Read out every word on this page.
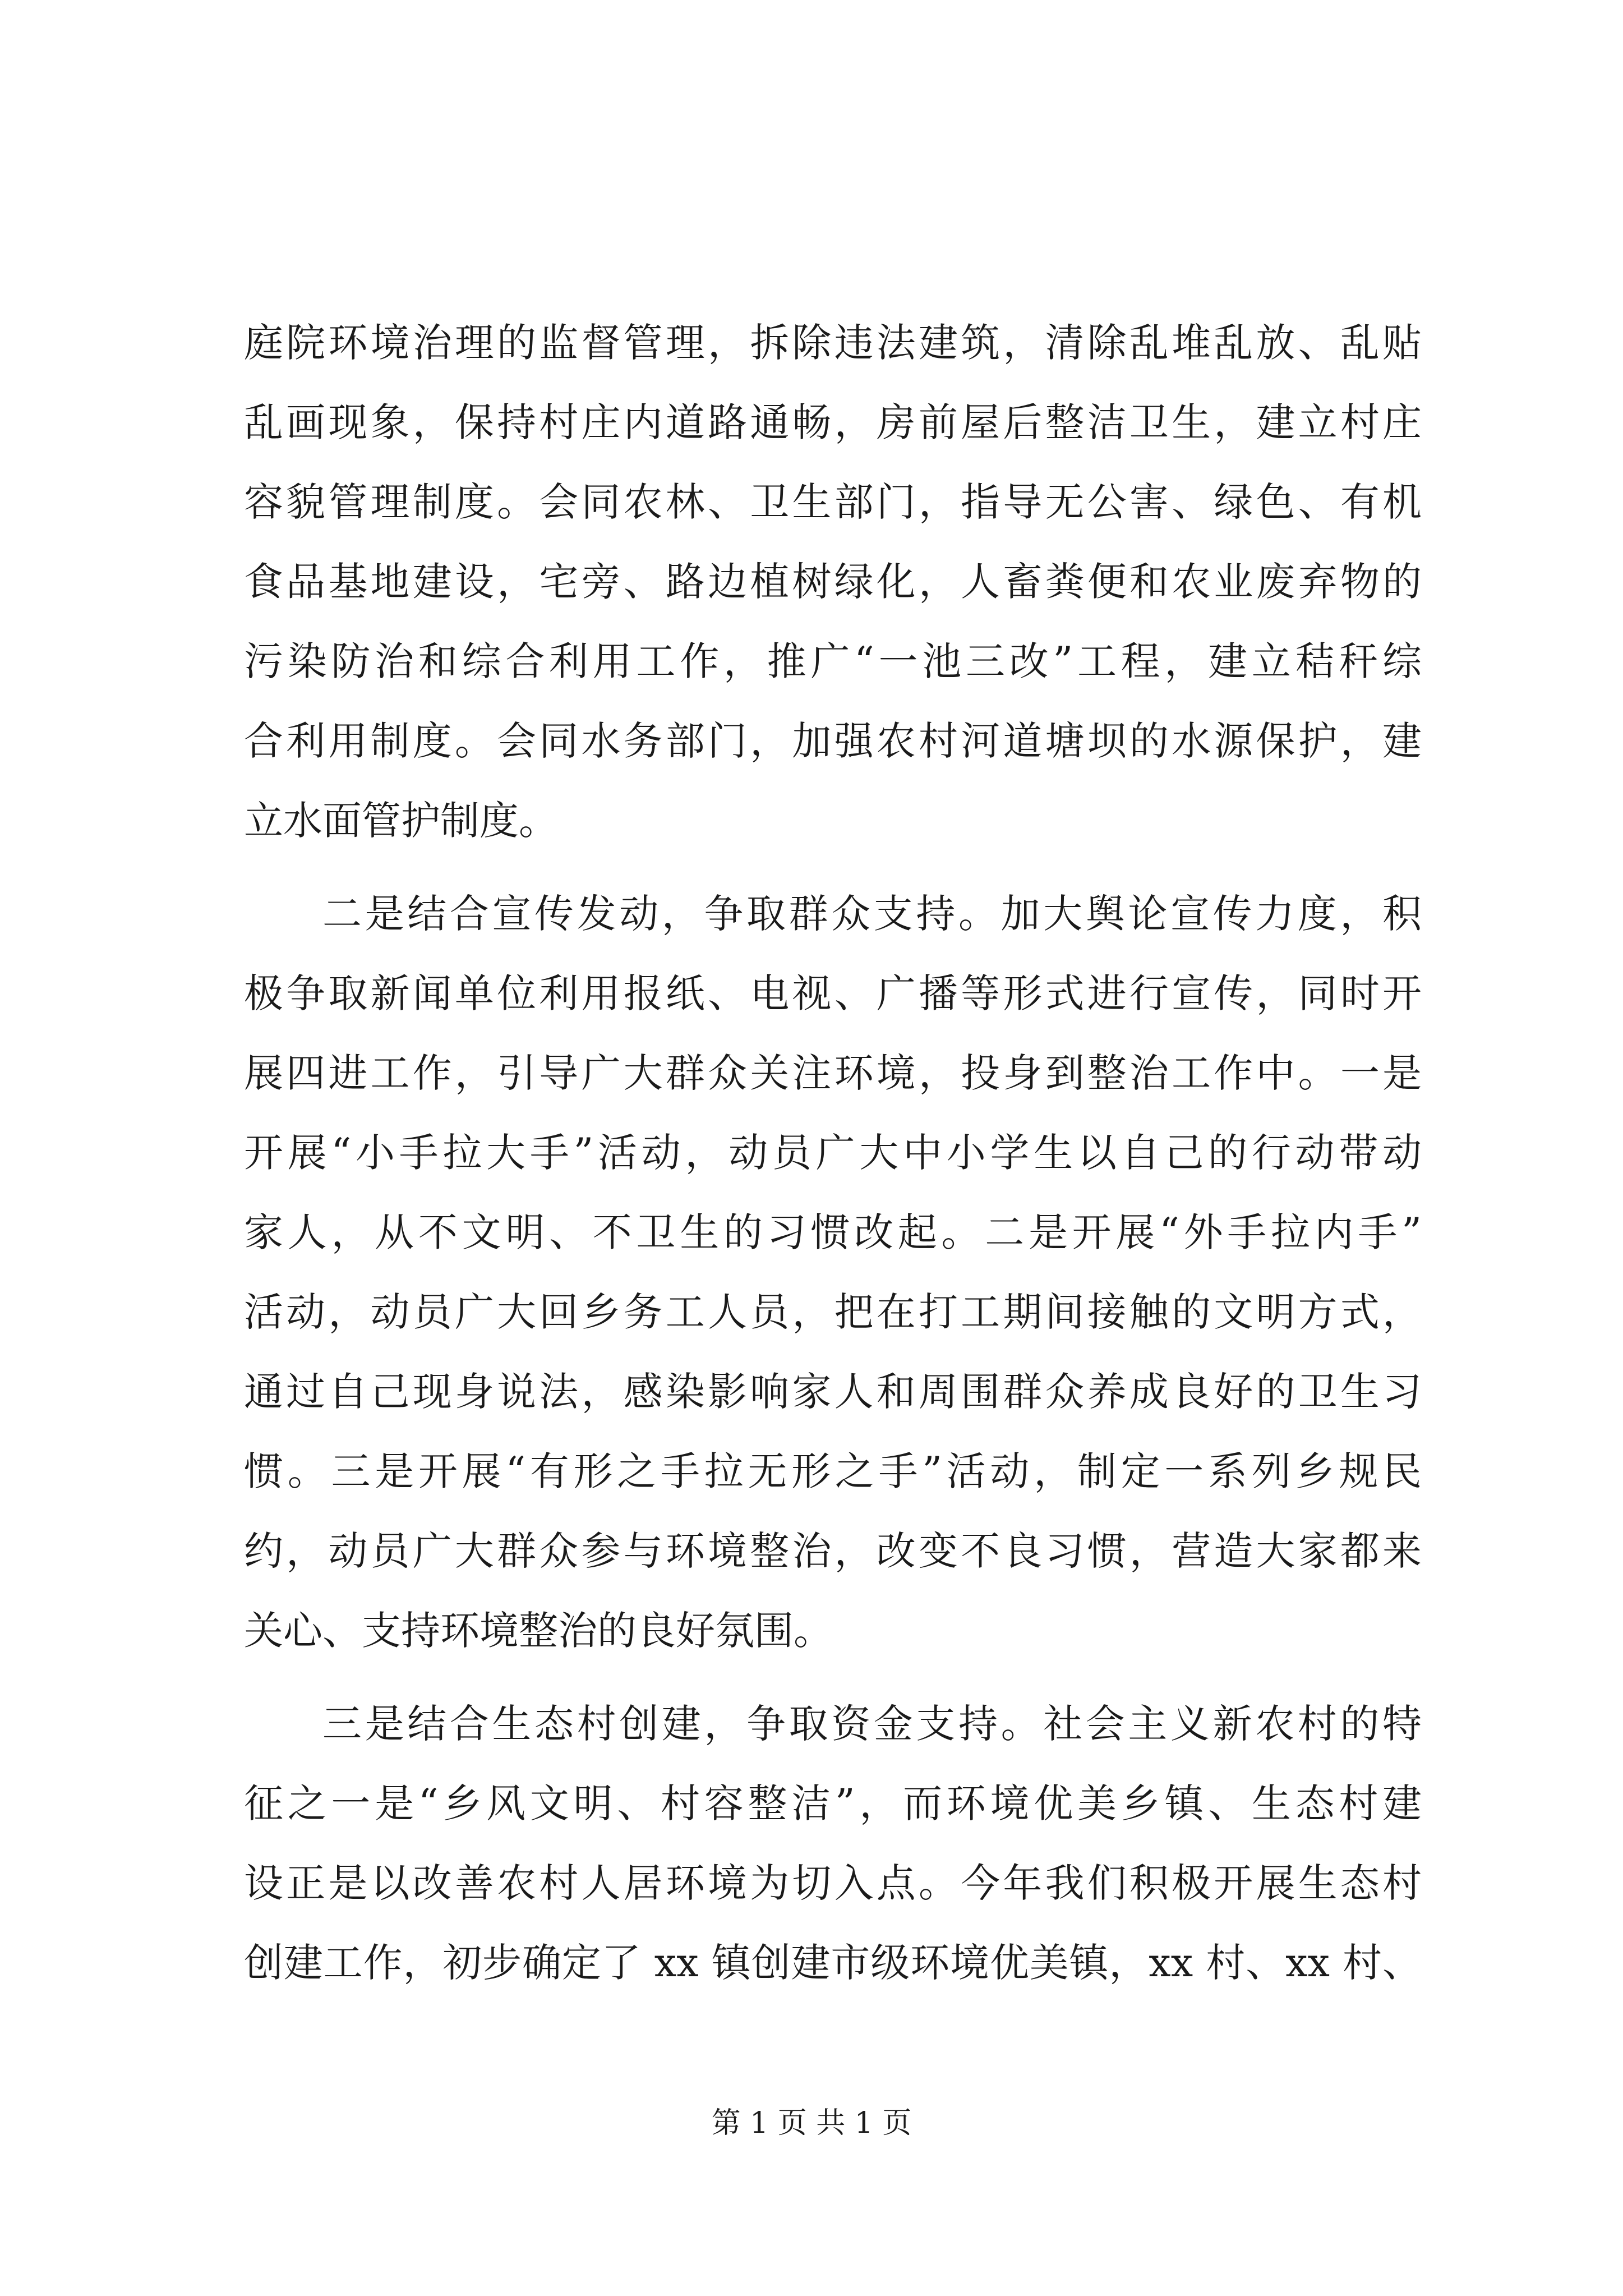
庭院环境治理的监督管理，拆除违法建筑，清除乱堆乱放、乱贴
乱画现象，保持村庄内道路通畅，房前屋后整洁卫生，建立村庄
容貌管理制度。会同农林、卫生部门，指导无公害、绿色、有机
食品基地建设，宅旁、路边植树绿化，人畜粪便和农业废弃物的
污染防治和综合利用工作，推广“一池三改”工程，建立秸秆综
合利用制度。会同水务部门，加强农村河道塘坝的水源保护，建
立水面管护制度。
二是结合宣传发动，争取群众支持。加大舆论宣传力度，积
极争取新闻单位利用报纸、电视、广播等形式进行宣传，同时开
展四进工作，引导广大群众关注环境，投身到整治工作中。一是
开展“小手拉大手”活动，动员广大中小学生以自己的行动带动
家人，从不文明、不卫生的习惯改起。二是开展“外手拉内手”
活动，动员广大回乡务工人员，把在打工期间接触的文明方式，
通过自己现身说法，感染影响家人和周围群众养成良好的卫生习
惯。三是开展“有形之手拉无形之手”活动，制定一系列乡规民
约，动员广大群众参与环境整治，改变不良习惯，营造大家都来
关心、支持环境整治的良好氛围。
三是结合生态村创建，争取资金支持。社会主义新农村的特
征之一是“乡风文明、村容整洁”，而环境优美乡镇、生态村建
设正是以改善农村人居环境为切入点。今年我们积极开展生态村
创建工作，初步确定了 xx 镇创建市级环境优美镇，xx 村、xx 村、
第 1 页 共 1 页
